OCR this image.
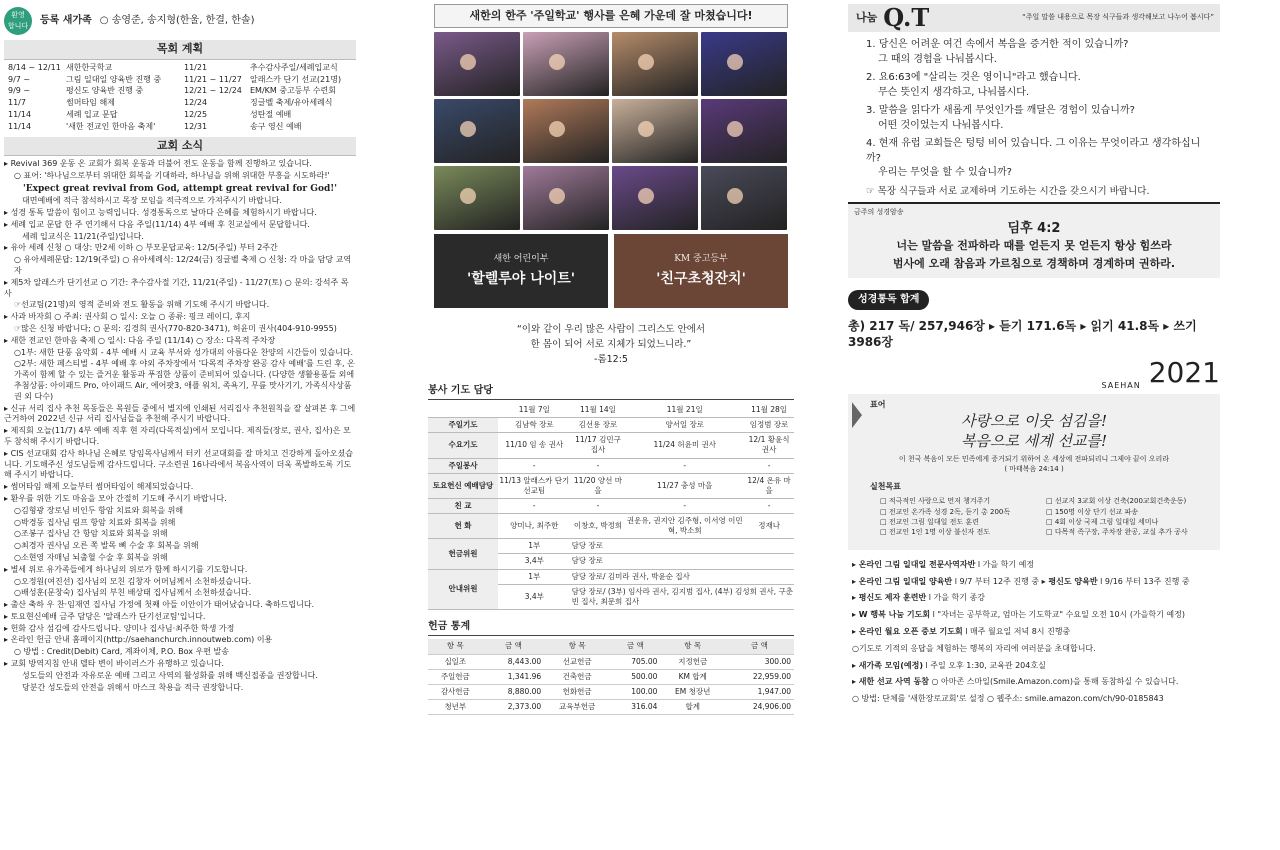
환영
합니다	등록 새가족 ○ 송영준, 송지형(한울, 한결, 한솔)
목회 계획
8/14 ~ 12/11 새한한국학교	11/21	추수감사주일/세례입교식
9/7 ~	그림 일대일 양육반 진행 중	11/21 ~ 11/27	알래스카 단기 선교(21명)
9/9 ~	평신도 양육반 진행 중	12/21 ~ 12/24	EM/KM 중고등부 수련회
11/7	썸머타임 해제	12/24	징글벨 축제/유아세례식
11/14	세례 입교 문답	12/25	성탄절 예배
11/14	'새한 전교인 한마음 축제'	12/31	송구 영신 예배
교회 소식

▸ Revival 369 운동 온 교회가 회복 운동과 더불어 전도 운동을 함께 진행하고 있습니다.

○ 표어: '하나님으로부터 위대한 회복을 기대하라, 하나님을 위해 위대한 부흥을 시도하라!'

'Expect great revival from God, attempt great revival for God!'

대면예배에 적극 참석하시고 목장 모임을 적극적으로 가져주시기 바랍니다.

▸ 성경 통독 말씀이 힘이고 능력입니다. 성경통독으로 날마다 은혜를 체험하시기 바랍니다.

▸ 세례 입교 문답 한 주 연기해서 다음 주일(11/14) 4부 예배 후 친교실에서 문답합니다.

세례 입교식은 11/21(주일)입니다.

▸ 유아 세례 신청 ○ 대상: 만2세 이하 ○ 부모문답교육: 12/5(주일) 부터 2주간

○ 유아세례문답: 12/19(주일) ○ 유아세례식: 12/24(금) 징글벨 축제 ○ 신청: 각 마을 담당 교역자

▸ 제5차 알래스카 단기선교 ○ 기간: 추수감사절 기간, 11/21(주일) - 11/27(토) ○ 문의: 강석주 목사

☞선교팀(21명)의 영적 준비와 전도 활동을 위해 기도해 주시기 바랍니다.

▸ 사과 바자회 ○ 주최: 권사회 ○ 일시: 오늘 ○ 종류: 핑크 레이디, 후지

☞많은 신청 바랍니다; ○ 문의: 김경희 권사(770-820-3471), 허윤미 권사(404-910-9955)

▸ 새한 전교인 한마음 축제 ○ 일시: 다음 주일 (11/14) ○ 장소: 다목적 주차장

○1부: 새한 단풍 음악회 - 4부 예배 시 교육 부서와 성가대의 아름다운 찬양의 시간들이 있습니다.

○2부: 새한 페스티벌 - 4부 예배 후 야외 주차장에서 '다목적 주차장 완공 감사 예배'를 드린 후, 온 가족이 함께 할 수 있는 즐거운 활동과 푸짐한 상품이 준비되어 있습니다. (다양한 생활용품들 외에 추첨상품: 아이패드 Pro, 아이패드 Air, 에어팟3, 애플 워치, 족욕기, 무릎 맛사기기, 가족식사상품권 외 다수)

▸ 신규 서리 집사 추천 목동들은 목원들 중에서 별지에 인쇄된 서리집사 추천원칙을 잘 살펴본 후 그에 근거하여 2022년 신규 서리 집사님들을 추천해 주시기 바랍니다.

▸ 제직회 오늘(11/7) 4부 예배 직후 현 자리(다목적실)에서 모입니다. 제직들(장로, 권사, 집사)은 모두 참석해 주시기 바랍니다.

▸ CIS 선교대회 감사 하나님 은혜로 당임목사님께서 터키 선교대회를 잘 마치고 건강하게 돌아오셨습니다. 기도해주신 성도님들께 감사드립니다. 구소련권 16나라에서 복음사역이 더욱 폭발하도록 기도해 주시기 바랍니다.

▸ 썸머타임 해제 오늘부터 썸머타임이 해제되었습니다.

▸ 환우를 위한 기도 마음을 모아 간절히 기도해 주시기 바랍니다.

○김형광 장로님 비인두 항암 치료와 회복을 위해

○박경동 집사님 림프 항암 치료와 회복을 위해

○조봉구 집사님 간 항암 치료와 회복을 위해

○최경자 권사님 오른 쪽 발목 뼈 수술 후 회복을 위해

○소현영 자매님 뇌출혈 수술 후 회복을 위해

▸ 별세 위로 유가족들에게 하나님의 위로가 함께 하시기를 기도합니다.

○오정원(여진선) 집사님의 모친 김창자 어머님께서 소천하셨습니다.

○배성훈(문창숙) 집사님의 부친 배상태 집사님께서 소천하셨습니다.

▸ 출산 축하 우 찬·임재연 집사님 가정에 첫째 아들 이안이가 태어났습니다. 축하드립니다.

▸ 토요현신예배 금주 담당은 '알래스카 단기선교팀'입니다.

▸ 헌화 감사 섬김에 감사드립니다. 양미나 집사님·최주한 학생 가정

▸ 온라인 헌금 안내 홈페이지(http://saehanchurch.innoutweb.com) 이용

○ 방법 : Credit(Debit) Card, 계좌이체, P.O. Box 우편 발송

▸ 교회 방역지침 안내 델타 변이 바이러스가 유행하고 있습니다.

성도들의 안전과 자유로운 예배 그리고 사역의 활성화를 위해 백신접종을 권장합니다.

당분간 성도들의 안전을 위해서 마스크 착용을 적극 권장합니다.

새한의 한주 '주일학교' 행사를 은혜 가운데 잘 마쳤습니다!
새한 어린이부
'할렐루야 나이트'
KM 중고등부
'친구초청잔치'
“이와 같이 우리 많은 사람이 그리스도 안에서
한 몸이 되어 서로 지체가 되었느니라.”
-롬12:5
봉사 기도 담당
	11월 7일	11월 14일	11월 21일	11월 28일
주일기도	김남학 장로	김선용 장로	양서일 장로	임정범 장로
수요기도	11/10 임 송 권사	11/17 김민구 집사	11/24 허윤미 권사	12/1 황윤식 권사
주일봉사	-	-	-	-
토요헌신 예배담당	11/13 알래스카 단기선교팀	11/20 양선 마을	11/27 충성 마을	12/4 온유 마을
친 교	-	-	-	-
헌 화	양미나, 최주한	이창호, 박정희	권운유, 권지안 김주형, 이서영 이민혁, 박소희	정재나
헌금위원	1부	담당 장로		
	3,4부	담당 장로		
안내위원	1부	담당 장로/ 김미라 권사, 박윤순 집사		
	3,4부	담당 장로/ (3부) 임사라 권사, 김지범 집사, (4부) 김성희 권사, 구춘빈 집사, 최문희 집사		
헌금 통계
항 목	금 액	항 목	금 액	항 목	금 액
십일조	8,443.00	선교헌금	705.00	지정헌금	300.00
주일헌금	1,341.96	건축헌금	500.00	KM 합계	22,959.00
감사헌금	8,880.00	헌화헌금	100.00	EM 청장년	1,947.00
청년부	2,373.00	교육부헌금	316.04	합계	24,906.00
나눔 Q.T	“주일 말씀 내용으로 목장 식구들과 생각해보고 나누어 봅시다”
1. 당신은 어려운 여건 속에서 복음을 증거한 적이 있습니까?
그 때의 경험을 나눠봅시다.
2. 요6:63에 "살리는 것은 영이니"라고 했습니다.
무슨 뜻인지 생각하고, 나눠봅시다.
3. 말씀을 읽다가 새롭게 무엇인가를 깨달은 경험이 있습니까?
어떤 것이었는지 나눠봅시다.
4. 현재 유럽 교회들은 텅텅 비어 있습니다. 그 이유는 무엇이라고 생각하십니까?
우리는 무엇을 할 수 있습니까?
☞ 목장 식구들과 서로 교제하며 기도하는 시간을 갖으시기 바랍니다.
금주의 성경암송
딤후 4:2
너는 말씀을 전파하라 때를 얻든지 못 얻든지 항상 힘쓰라
범사에 오래 참음과 가르침으로 경책하며 경계하며 권하라.
성경통독 합계
총) 217 독/ 257,946장 ▸ 듣기 171.6독 ▸ 읽기 41.8독 ▸ 쓰기 3986장
SAEHAN 2021
표어
사랑으로 이웃 섬김을!
복음으로 세계 선교를!
이 천국 복음이 모든 민족에게 증거되기 위하여 온 세상에 전파되리니 그제야 끝이 오리라
( 마태복음 24:14 )
실천목표
□ 적극적인 사랑으로 먼저 챙겨주기	□ 선교지 3교회 이상 건축(200교회건축운동)
□ 전교인 온가족 성경 2독, 듣기 총 200독	□ 150명 이상 단기 선교 파송
□ 전교인 그림 일대일 전도 훈련	□ 4회 이상 국제 그림 일대일 세미나
□ 전교인 1인 1명 이상 불신자 전도	□ 다목적 족구장, 주차장 완공, 교실 추가 공사

▸ 온라인 그림 일대일 전문사역자반 l 가을 학기 예정

▸ 온라인 그림 일대일 양육반 l 9/7 부터 12주 진행 중 ▸ 평신도 양육반 l 9/16 부터 13주 진행 중

▸ 평신도 제자 훈련반 l 가을 학기 종강

▸ W 행복 나눔 기도회 l "자녀는 공부학교, 엄마는 기도학교" 수요일 오전 10시 (가을학기 예정)

▸ 온라인 월요 오픈 중보 기도회 l 매주 월요일 저녁 8시 진행중

○기도로 기적의 응답을 체험하는 행복의 자리에 여러분을 초대합니다.

▸ 새가족 모임(예정) l 주일 오후 1:30, 교육관 204호실

▸ 새한 선교 사역 동참 ○ 아마존 스마일(Smile.Amazon.com)을 통해 동참하실 수 있습니다.

○ 방법: 단체를 '새한장로교회'로 설정 ○ 웹주소: smile.amazon.com/ch/90-0185843
